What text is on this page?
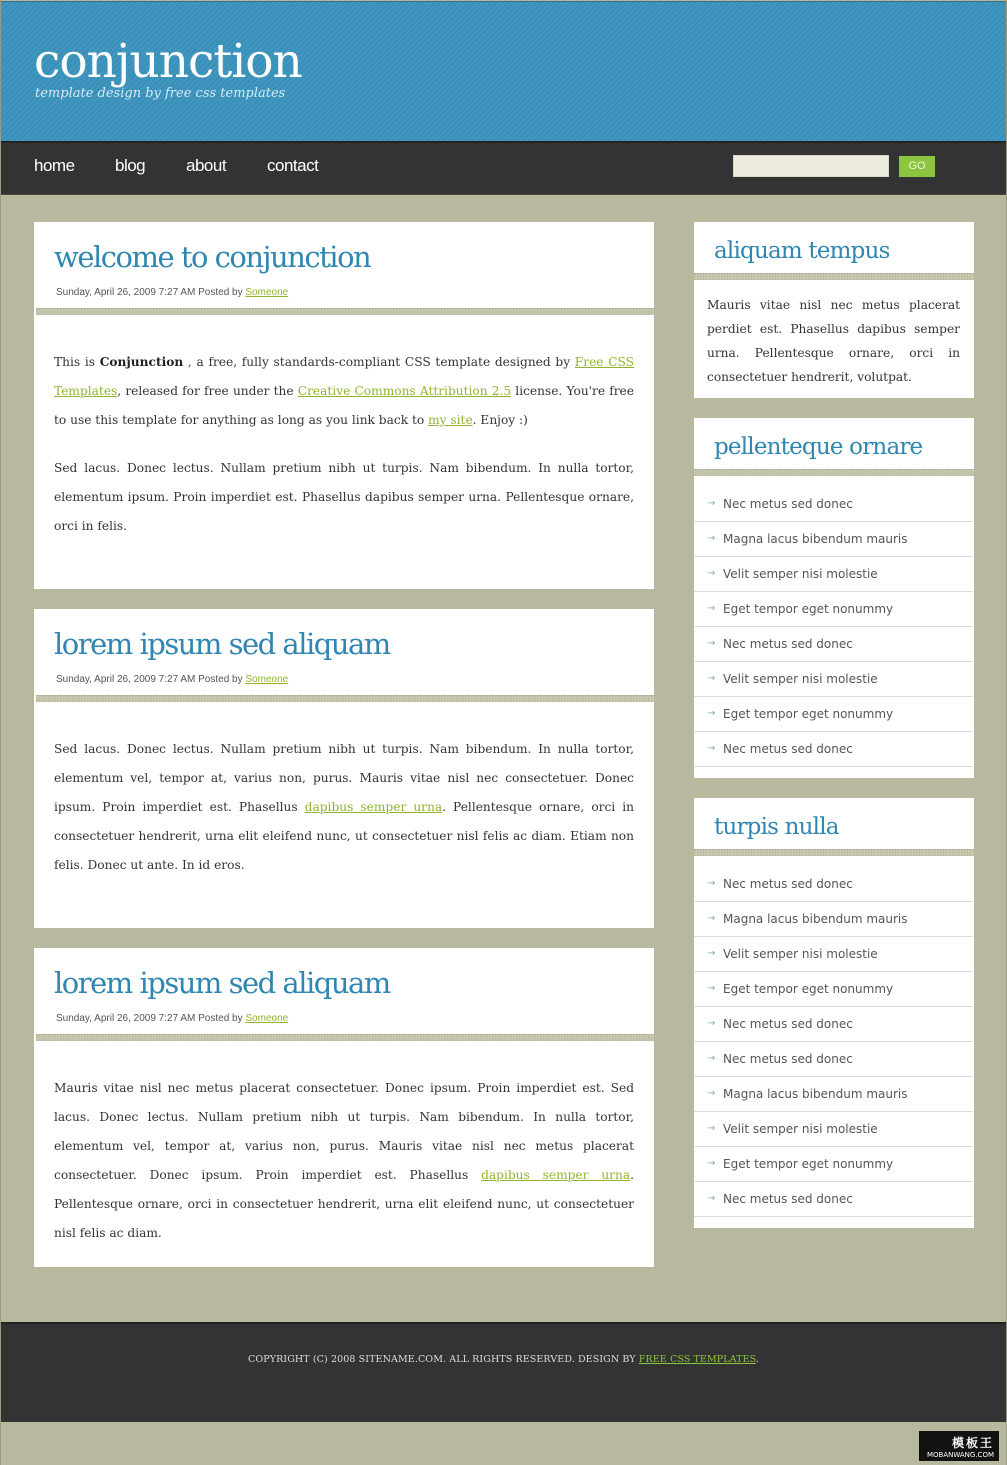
conjunction
template design by free css templates
home blog about contact	GO
welcome to conjunction
Sunday, April 26, 2009 7:27 AM Posted by Someone

This is Conjunction , a free, fully standards-compliant CSS template designed by Free CSS Templates, released for free under the Creative Commons Attribution 2.5 license. You're free to use this template for anything as long as you link back to my site. Enjoy :)

Sed lacus. Donec lectus. Nullam pretium nibh ut turpis. Nam bibendum. In nulla tortor, elementum ipsum. Proin imperdiet est. Phasellus dapibus semper urna. Pellentesque ornare, orci in felis.

lorem ipsum sed aliquam
Sunday, April 26, 2009 7:27 AM Posted by Someone

Sed lacus. Donec lectus. Nullam pretium nibh ut turpis. Nam bibendum. In nulla tortor, elementum vel, tempor at, varius non, purus. Mauris vitae nisl nec consectetuer. Donec ipsum. Proin imperdiet est. Phasellus dapibus semper urna. Pellentesque ornare, orci in consectetuer hendrerit, urna elit eleifend nunc, ut consectetuer nisl felis ac diam. Etiam non felis. Donec ut ante. In id eros.

lorem ipsum sed aliquam
Sunday, April 26, 2009 7:27 AM Posted by Someone

Mauris vitae nisl nec metus placerat consectetuer. Donec ipsum. Proin imperdiet est. Sed lacus. Donec lectus. Nullam pretium nibh ut turpis. Nam bibendum. In nulla tortor, elementum vel, tempor at, varius non, purus. Mauris vitae nisl nec metus placerat consectetuer. Donec ipsum. Proin imperdiet est. Phasellus dapibus semper urna. Pellentesque ornare, orci in consectetuer hendrerit, urna elit eleifend nunc, ut consectetuer nisl felis ac diam.

aliquam tempus
Mauris vitae nisl nec metus placerat perdiet est. Phasellus dapibus semper urna. Pellentesque ornare, orci in consectetuer hendrerit, volutpat.
pellenteque ornare
→ Nec metus sed donec
→ Magna lacus bibendum mauris
→ Velit semper nisi molestie
→ Eget tempor eget nonummy
→ Nec metus sed donec
→ Velit semper nisi molestie
→ Eget tempor eget nonummy
→ Nec metus sed donec
turpis nulla
→ Nec metus sed donec
→ Magna lacus bibendum mauris
→ Velit semper nisi molestie
→ Eget tempor eget nonummy
→ Nec metus sed donec
→ Nec metus sed donec
→ Magna lacus bibendum mauris
→ Velit semper nisi molestie
→ Eget tempor eget nonummy
→ Nec metus sed donec
COPYRIGHT (C) 2008 SITENAME.COM. ALL RIGHTS RESERVED. DESIGN BY FREE CSS TEMPLATES.
模板王
MOBANWANG.COM
